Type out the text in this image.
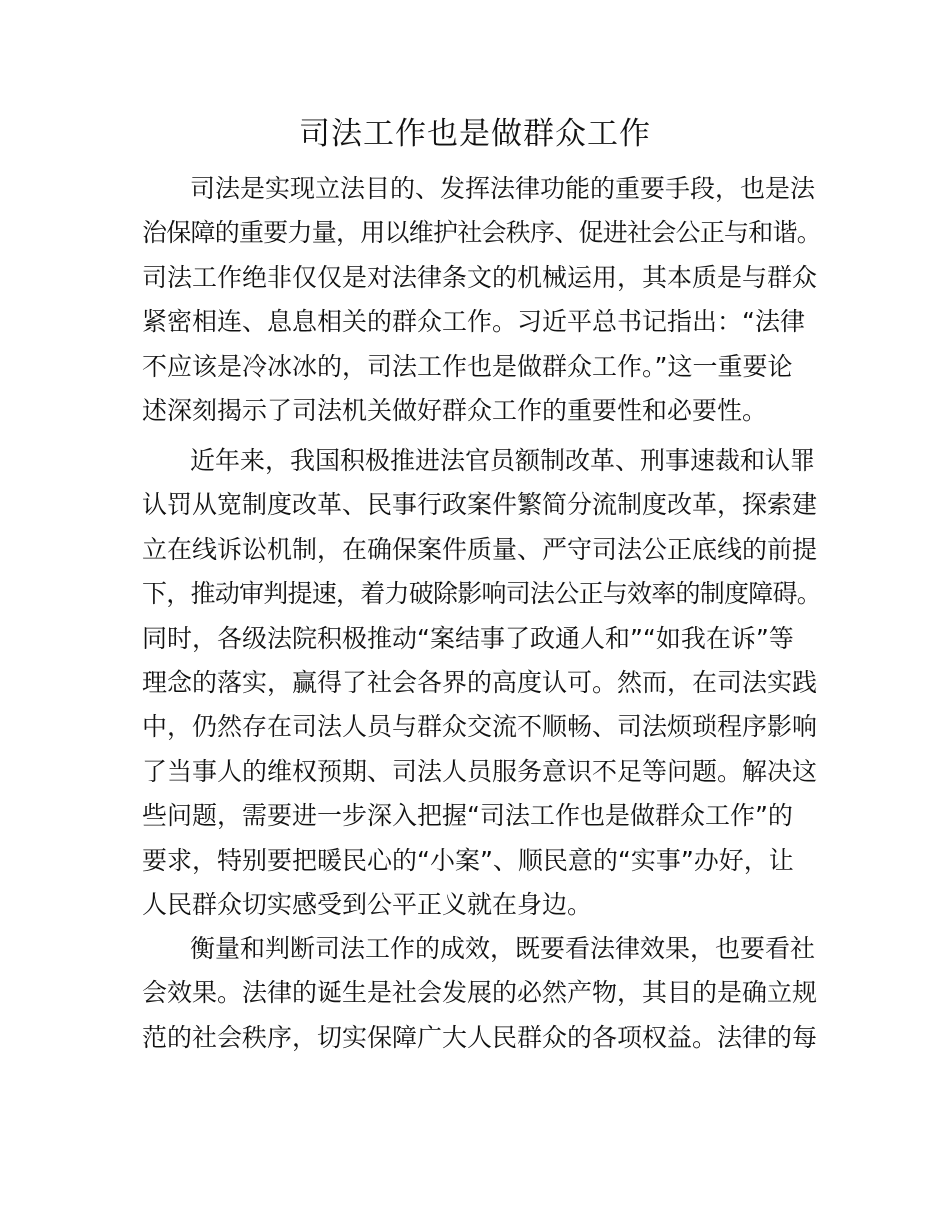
司法工作也是做群众工作

司法是实现立法目的、发挥法律功能的重要手段，也是法
治保障的重要力量，用以维护社会秩序、促进社会公正与和谐。
司法工作绝非仅仅是对法律条文的机械运用，其本质是与群众
紧密相连、息息相关的群众工作。习近平总书记指出：“法律
不应该是冷冰冰的，司法工作也是做群众工作。”这一重要论
述深刻揭示了司法机关做好群众工作的重要性和必要性。

近年来，我国积极推进法官员额制改革、刑事速裁和认罪
认罚从宽制度改革、民事行政案件繁简分流制度改革，探索建
立在线诉讼机制，在确保案件质量、严守司法公正底线的前提
下，推动审判提速，着力破除影响司法公正与效率的制度障碍。
同时，各级法院积极推动“案结事了政通人和”“如我在诉”等
理念的落实，赢得了社会各界的高度认可。然而，在司法实践
中，仍然存在司法人员与群众交流不顺畅、司法烦琐程序影响
了当事人的维权预期、司法人员服务意识不足等问题。解决这
些问题，需要进一步深入把握“司法工作也是做群众工作”的
要求，特别要把暖民心的“小案”、顺民意的“实事”办好，让
人民群众切实感受到公平正义就在身边。

衡量和判断司法工作的成效，既要看法律效果，也要看社
会效果。法律的诞生是社会发展的必然产物，其目的是确立规
范的社会秩序，切实保障广大人民群众的各项权益。法律的每
